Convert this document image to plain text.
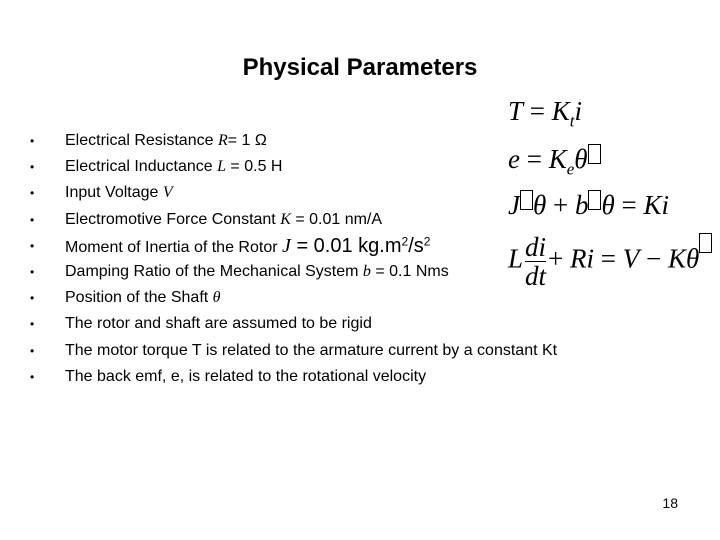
Physical Parameters
•	Electrical Resistance R= 1 Ω
•	Electrical Inductance L = 0.5 H
•	Input Voltage V
•	Electromotive Force Constant K = 0.01 nm/A
•	Moment of Inertia of the Rotor J = 0.01 $kg.m^2/s^2$
•	Damping Ratio of the Mechanical System b = 0.1 Nms
•	Position of the Shaft θ
•	The rotor and shaft are assumed to be rigid
•	The motor torque T is related to the armature current by a constant Kt
•	The back emf, e, is related to the rotational velocity
$T = K_ti$
$e = K_e\theta$
J θ + b θ = Ki
L $\frac{di}{dt} + Ri = V - K\theta$
18
